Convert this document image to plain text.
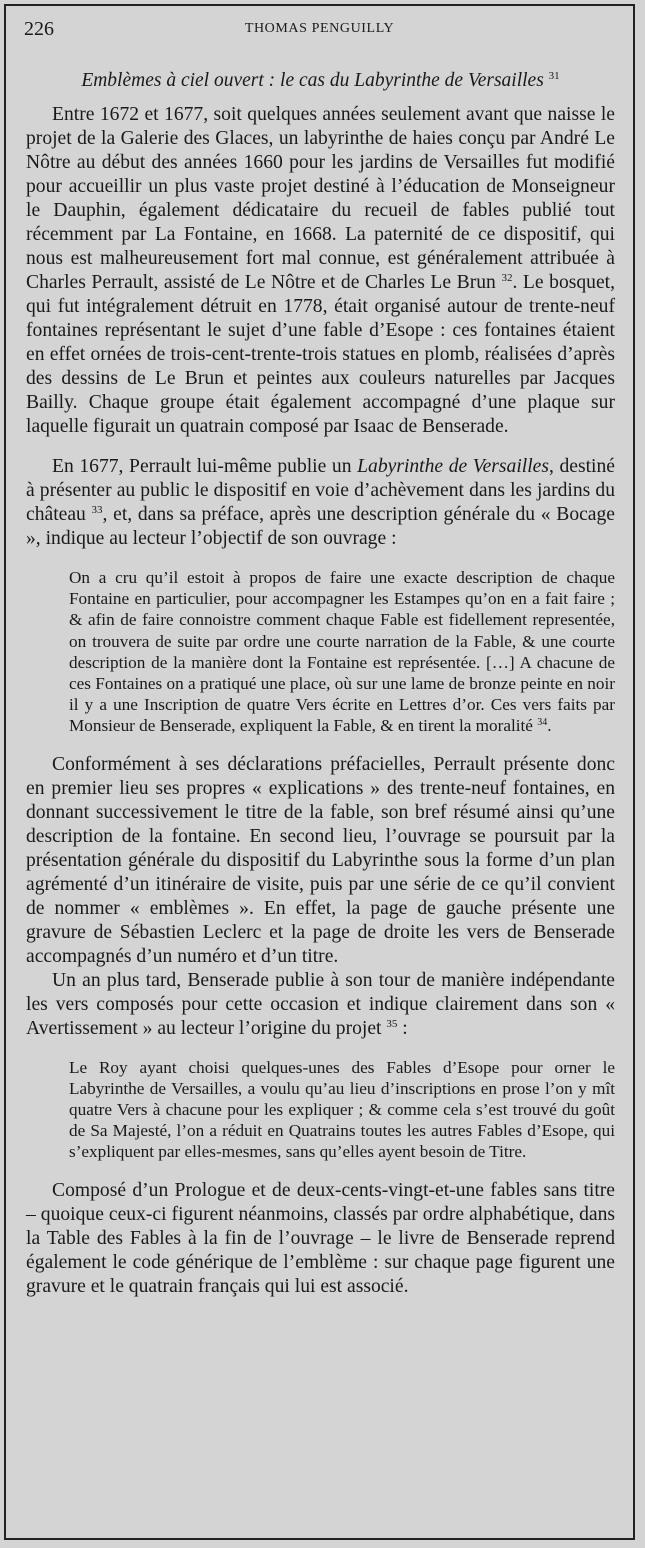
226	THOMAS PENGUILLY
Emblèmes à ciel ouvert : le cas du Labyrinthe de Versailles $^{31}$

Entre 1672 et 1677, soit quelques années seulement avant que naisse le projet de la Galerie des Glaces, un labyrinthe de haies conçu par André Le Nôtre au début des années 1660 pour les jardins de Versailles fut modifié pour accueillir un plus vaste projet destiné à l’éducation de Monseigneur le Dauphin, également dédicataire du recueil de fables publié tout récemment par La Fontaine, en 1668. La paternité de ce dispositif, qui nous est malheureusement fort mal connue, est généralement attribuée à Charles Perrault, assisté de Le Nôtre et de Charles Le Brun $^{32}$. Le bosquet, qui fut intégralement détruit en 1778, était organisé autour de trente-neuf fontaines représentant le sujet d’une fable d’Esope : ces fontaines étaient en effet ornées de trois-cent-trente-trois statues en plomb, réalisées d’après des dessins de Le Brun et peintes aux couleurs naturelles par Jacques Bailly. Chaque groupe était également accompagné d’une plaque sur laquelle figurait un quatrain composé par Isaac de Benserade.

En 1677, Perrault lui-même publie un Labyrinthe de Versailles, destiné à présenter au public le dispositif en voie d’achèvement dans les jardins du château $^{33}$, et, dans sa préface, après une description générale du « Bocage », indique au lecteur l’objectif de son ouvrage :

On a cru qu’il estoit à propos de faire une exacte description de chaque Fontaine en particulier, pour accompagner les Estampes qu’on en a fait faire ; & afin de faire connoistre comment chaque Fable est fidellement representée, on trouvera de suite par ordre une courte narration de la Fable, & une courte description de la manière dont la Fontaine est représentée. […] A chacune de ces Fontaines on a pratiqué une place, où sur une lame de bronze peinte en noir il y a une Inscription de quatre Vers écrite en Lettres d’or. Ces vers faits par Monsieur de Benserade, expliquent la Fable, & en tirent la moralité $^{34}$.

Conformément à ses déclarations préfacielles, Perrault présente donc en premier lieu ses propres « explications » des trente-neuf fontaines, en donnant successivement le titre de la fable, son bref résumé ainsi qu’une description de la fontaine. En second lieu, l’ouvrage se poursuit par la présentation générale du dispositif du Labyrinthe sous la forme d’un plan agrémenté d’un itinéraire de visite, puis par une série de ce qu’il convient de nommer « emblèmes ». En effet, la page de gauche présente une gravure de Sébastien Leclerc et la page de droite les vers de Benserade accompagnés d’un numéro et d’un titre.

Un an plus tard, Benserade publie à son tour de manière indépendante les vers composés pour cette occasion et indique clairement dans son « Avertissement » au lecteur l’origine du projet $^{35}$ :

Le Roy ayant choisi quelques-unes des Fables d’Esope pour orner le Labyrinthe de Versailles, a voulu qu’au lieu d’inscriptions en prose l’on y mît quatre Vers à chacune pour les expliquer ; & comme cela s’est trouvé du goût de Sa Majesté, l’on a réduit en Quatrains toutes les autres Fables d’Esope, qui s’expliquent par elles-mesmes, sans qu’elles ayent besoin de Titre.

Composé d’un Prologue et de deux-cents-vingt-et-une fables sans titre – quoique ceux-ci figurent néanmoins, classés par ordre alphabétique, dans la Table des Fables à la fin de l’ouvrage – le livre de Benserade reprend également le code générique de l’emblème : sur chaque page figurent une gravure et le quatrain français qui lui est associé.
